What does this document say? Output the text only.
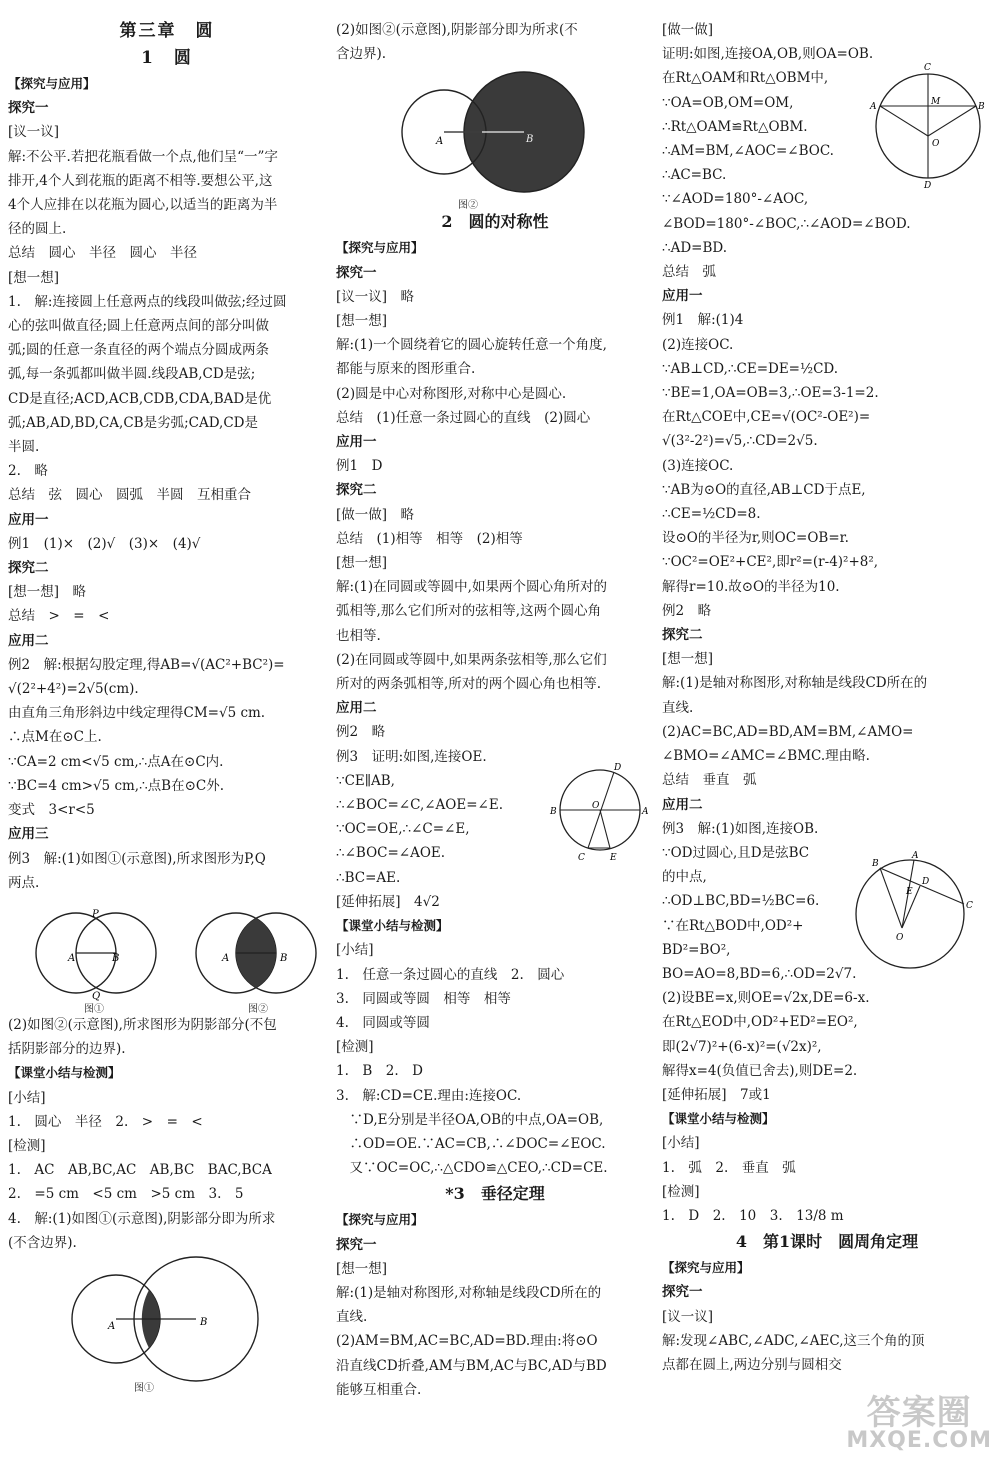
第三章　圆
1　圆
【探究与应用】
探究一
[议一议]
解:不公平.若把花瓶看做一个点,他们呈“一”字
排开,4个人到花瓶的距离不相等.要想公平,这
4个人应排在以花瓶为圆心,以适当的距离为半
径的圆上.
总结　圆心　半径　圆心　半径
[想一想]
1.　解:连接圆上任意两点的线段叫做弦;经过圆
心的弦叫做直径;圆上任意两点间的部分叫做
弧;圆的任意一条直径的两个端点分圆成两条
弧,每一条弧都叫做半圆.线段AB,CD是弦;
CD是直径;ACD,ACB,CDB,CDA,BAD是优
弧;AB,AD,BD,CA,CB是劣弧;CAD,CD是
半圆.
2.　略
总结　弦　圆心　圆弧　半圆　互相重合
应用一
例1　(1)×　(2)√　(3)×　(4)√
探究二
[想一想]　略
总结　>　=　<
应用二
例2　解:根据勾股定理,得AB=√(AC²+BC²)=
√(2²+4²)=2√5(cm).
由直角三角形斜边中线定理得CM=√5 cm.
∴点M在⊙C上.
∵CA=2 cm<√5 cm,∴点A在⊙C内.
∵BC=4 cm>√5 cm,∴点B在⊙C外.
变式　3<r<5
应用三
例3　解:(1)如图①(示意图),所求图形为P,Q
两点.
A	B
P
Q
A	B
图①	图②
(2)如图②(示意图),所求图形为阴影部分(不包
括阴影部分的边界).
【课堂小结与检测】
[小结]
1.　圆心　半径　2.　>　=　<
[检测]
1.　AC　AB,BC,AC　AB,BC　BAC,BCA
2.　=5 cm　<5 cm　>5 cm　3.　5
4.　解:(1)如图①(示意图),阴影部分即为所求
(不含边界).
A	B
图①
(2)如图②(示意图),阴影部分即为所求(不
含边界).
A	B
图②
2　圆的对称性
【探究与应用】
探究一
[议一议]　略
[想一想]
解:(1)一个圆绕着它的圆心旋转任意一个角度,
都能与原来的图形重合.
(2)圆是中心对称图形,对称中心是圆心.
总结　(1)任意一条过圆心的直线　(2)圆心
应用一
例1　D
探究二
[做一做]　略
总结　(1)相等　相等　(2)相等
[想一想]
解:(1)在同圆或等圆中,如果两个圆心角所对的
弧相等,那么它们所对的弦相等,这两个圆心角
也相等.
(2)在同圆或等圆中,如果两条弦相等,那么它们
所对的两条弧相等,所对的两个圆心角也相等.
应用二
例2　略
例3　证明:如图,连接OE.
∵CE∥AB,
∴∠BOC=∠C,∠AOE=∠E.
∵OC=OE,∴∠C=∠E,
∴∠BOC=∠AOE.
∴BC=AE.
[延伸拓展]　4√2
【课堂小结与检测】
[小结]
1.　任意一条过圆心的直线　2.　圆心
3.　同圆或等圆　相等　相等
4.　同圆或等圆
[检测]
1.　B　2.　D
3.　解:CD=CE.理由:连接OC.
　∵D,E分别是半径OA,OB的中点,OA=OB,
　∴OD=OE.∵AC=CB,∴∠DOC=∠EOC.
　又∵OC=OC,∴△CDO≌△CEO,∴CD=CE.
*3　垂径定理
【探究与应用】
探究一
[想一想]
解:(1)是轴对称图形,对称轴是线段CD所在的
直线.
(2)AM=BM,AC=BC,AD=BD.理由:将⊙O
沿直线CD折叠,AM与BM,AC与BC,AD与BD
能够互相重合.
B	A
D
C	E
O
[做一做]
证明:如图,连接OA,OB,则OA=OB.
在Rt△OAM和Rt△OBM中,
∵OA=OB,OM=OM,
∴Rt△OAM≌Rt△OBM.
∴AM=BM,∠AOC=∠BOC.
∴AC=BC.
∵∠AOD=180°-∠AOC,
∠BOD=180°-∠BOC,∴∠AOD=∠BOD.
∴AD=BD.
总结　弧
应用一
例1　解:(1)4
(2)连接OC.
∵AB⊥CD,∴CE=DE=½CD.
∵BE=1,OA=OB=3,∴OE=3-1=2.
在Rt△COE中,CE=√(OC²-OE²)=
√(3²-2²)=√5,∴CD=2√5.
(3)连接OC.
∵AB为⊙O的直径,AB⊥CD于点E,
∴CE=½CD=8.
设⊙O的半径为r,则OC=OB=r.
∵OC²=OE²+CE²,即r²=(r-4)²+8²,
解得r=10.故⊙O的半径为10.
例2　略
探究二
[想一想]
解:(1)是轴对称图形,对称轴是线段CD所在的
直线.
(2)AC=BC,AD=BD,AM=BM,∠AMO=
∠BMO=∠AMC=∠BMC.理由略.
总结　垂直　弧
应用二
例3　解:(1)如图,连接OB.
∵OD过圆心,且D是弦BC
的中点,
∴OD⊥BC,BD=½BC=6.
∵在Rt△BOD中,OD²+
BD²=BO²,
BO=AO=8,BD=6,∴OD=2√7.
(2)设BE=x,则OE=√2x,DE=6-x.
在Rt△EOD中,OD²+ED²=EO²,
即(2√7)²+(6-x)²=(√2x)²,
解得x=4(负值已舍去),则DE=2.
[延伸拓展]　7或1
【课堂小结与检测】
[小结]
1.　弧　2.　垂直　弧
[检测]
1.　D　2.　10　3.　13/8 m
4　第1课时　圆周角定理
【探究与应用】
探究一
[议一议]
解:发现∠ABC,∠ADC,∠AEC,这三个角的顶
点都在圆上,两边分别与圆相交
C
A	B
M
O
D
B
A
C
D
E
O
答案圈
MXQE.COM
